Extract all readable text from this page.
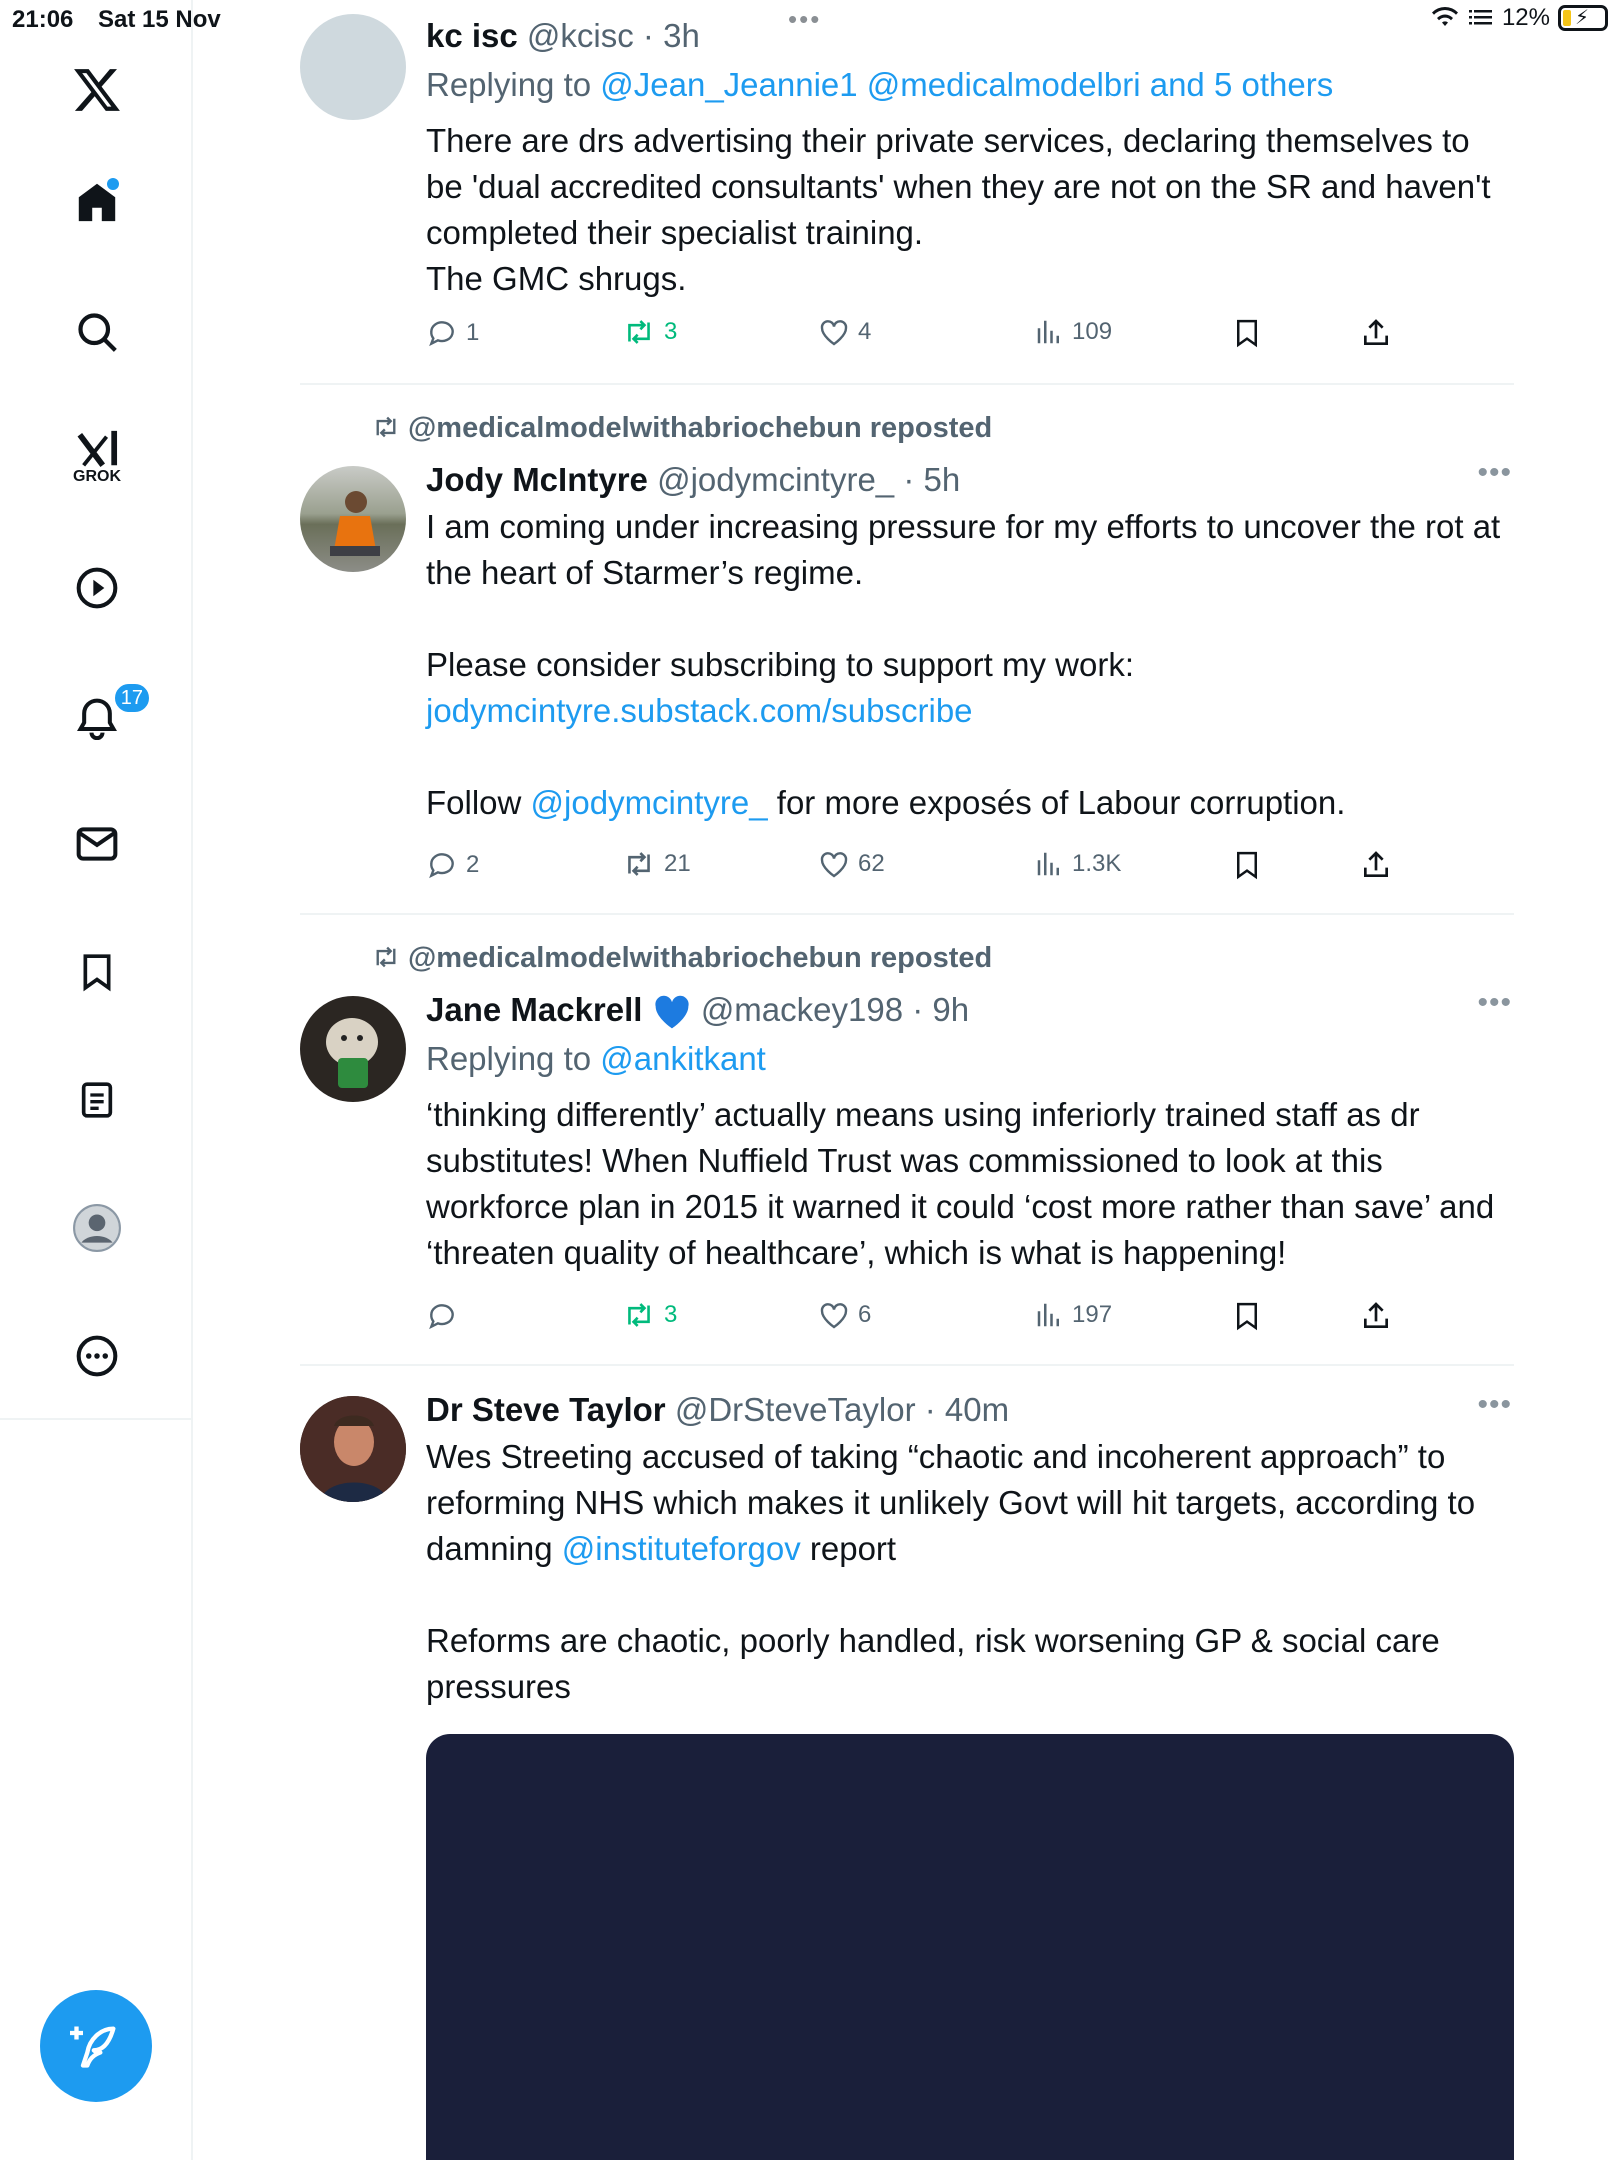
21:06 Sat 15 Nov	•••	12% ⚡
GROK
17
kc isc @kcisc · 3h
Replying to @Jean_Jeannie1 @medicalmodelbri and 5 others
There are drs advertising their private services, declaring themselves to be 'dual accredited consultants' when they are not on the SR and haven't completed their specialist training.
The GMC shrugs.
1	3	4	109
@medicalmodelwithabriochebun reposted
•••
Jody McIntyre @jodymcintyre_ · 5h
I am coming under increasing pressure for my efforts to uncover the rot at the heart of Starmer’s regime.
Please consider subscribing to support my work:
jodymcintyre.substack.com/subscribe
Follow @jodymcintyre_ for more exposés of Labour corruption.
2	21	62	1.3K
@medicalmodelwithabriochebun reposted
•••
Jane Mackrell @mackey198 · 9h
Replying to @ankitkant
‘thinking differently’ actually means using inferiorly trained staff as dr substitutes! When Nuffield Trust was commissioned to look at this workforce plan in 2015 it warned it could ‘cost more rather than save’ and ‘threaten quality of healthcare’, which is what is happening!
3	6	197
•••
Dr Steve Taylor @DrSteveTaylor · 40m
Wes Streeting accused of taking “chaotic and incoherent approach” to reforming NHS which makes it unlikely Govt will hit targets, according to damning @instituteforgov report
Reforms are chaotic, poorly handled, risk worsening GP & social care pressures
